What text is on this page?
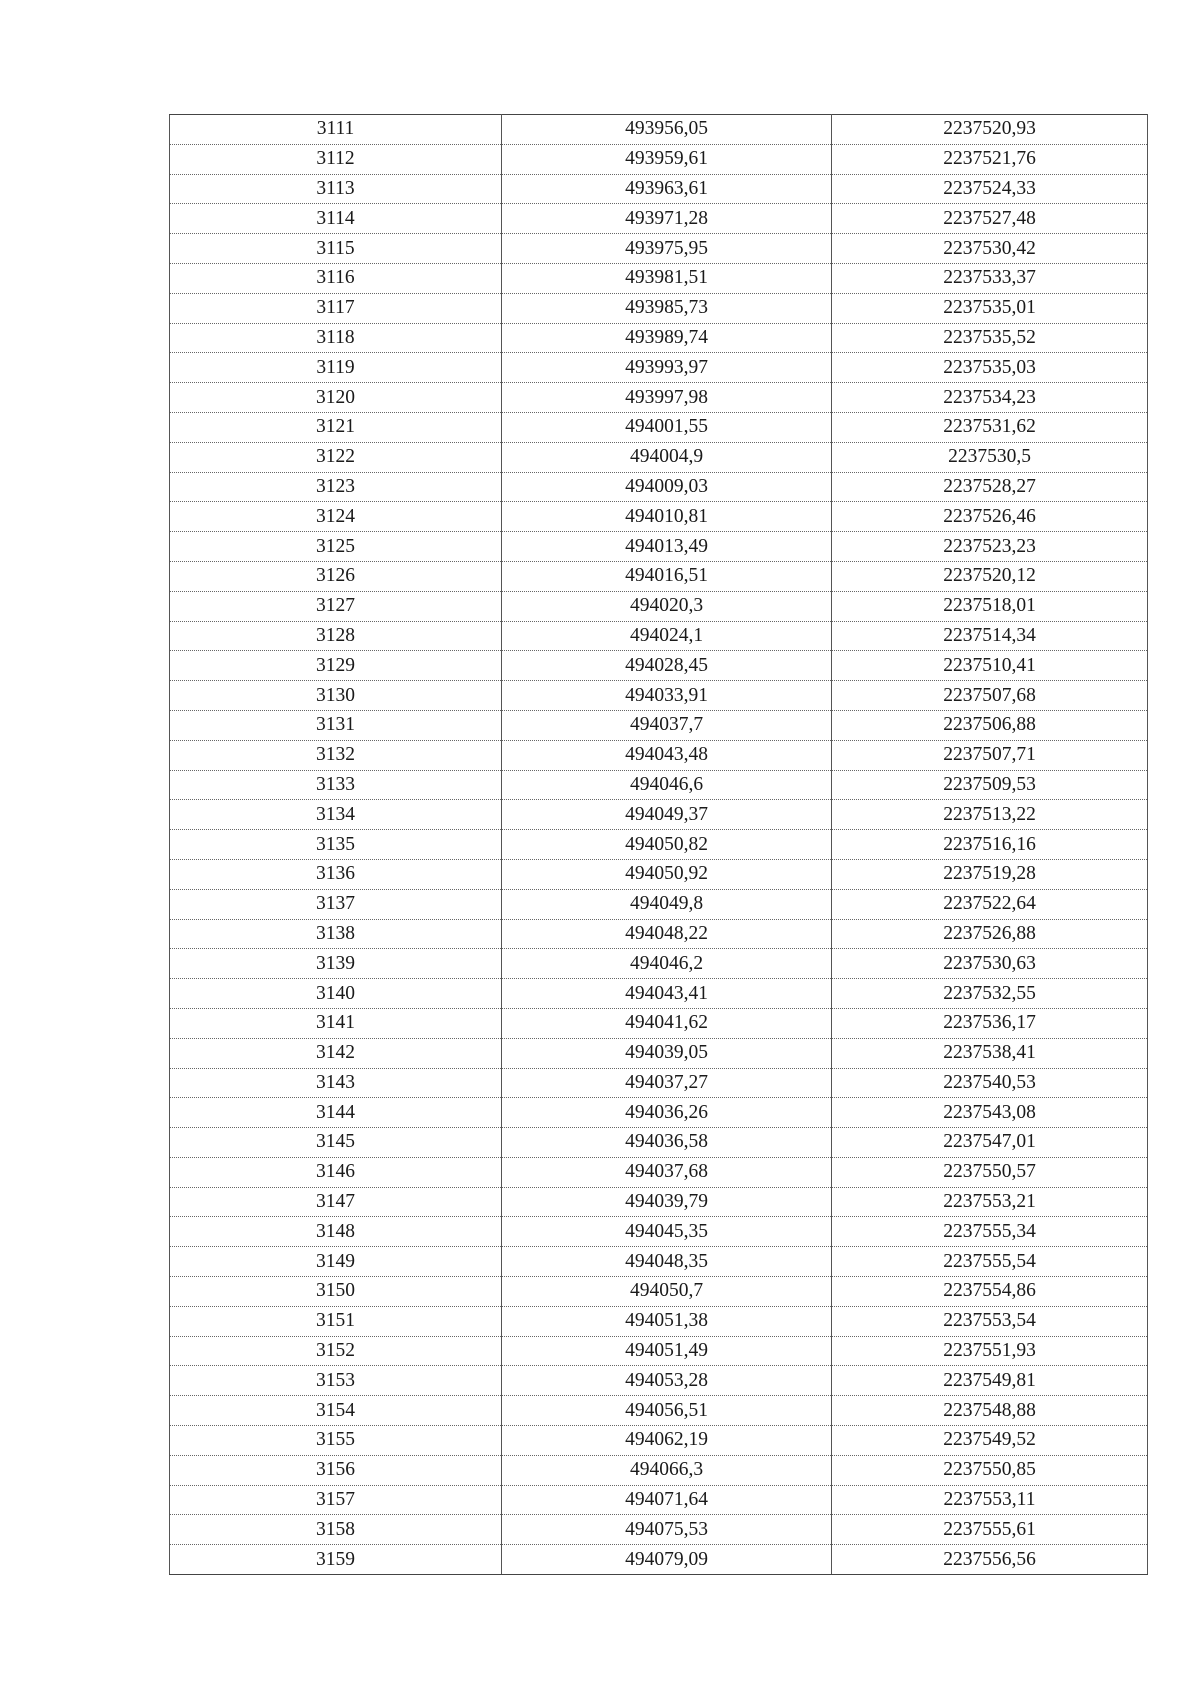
3111	493956,05	2237520,93
3112	493959,61	2237521,76
3113	493963,61	2237524,33
3114	493971,28	2237527,48
3115	493975,95	2237530,42
3116	493981,51	2237533,37
3117	493985,73	2237535,01
3118	493989,74	2237535,52
3119	493993,97	2237535,03
3120	493997,98	2237534,23
3121	494001,55	2237531,62
3122	494004,9	2237530,5
3123	494009,03	2237528,27
3124	494010,81	2237526,46
3125	494013,49	2237523,23
3126	494016,51	2237520,12
3127	494020,3	2237518,01
3128	494024,1	2237514,34
3129	494028,45	2237510,41
3130	494033,91	2237507,68
3131	494037,7	2237506,88
3132	494043,48	2237507,71
3133	494046,6	2237509,53
3134	494049,37	2237513,22
3135	494050,82	2237516,16
3136	494050,92	2237519,28
3137	494049,8	2237522,64
3138	494048,22	2237526,88
3139	494046,2	2237530,63
3140	494043,41	2237532,55
3141	494041,62	2237536,17
3142	494039,05	2237538,41
3143	494037,27	2237540,53
3144	494036,26	2237543,08
3145	494036,58	2237547,01
3146	494037,68	2237550,57
3147	494039,79	2237553,21
3148	494045,35	2237555,34
3149	494048,35	2237555,54
3150	494050,7	2237554,86
3151	494051,38	2237553,54
3152	494051,49	2237551,93
3153	494053,28	2237549,81
3154	494056,51	2237548,88
3155	494062,19	2237549,52
3156	494066,3	2237550,85
3157	494071,64	2237553,11
3158	494075,53	2237555,61
3159	494079,09	2237556,56
